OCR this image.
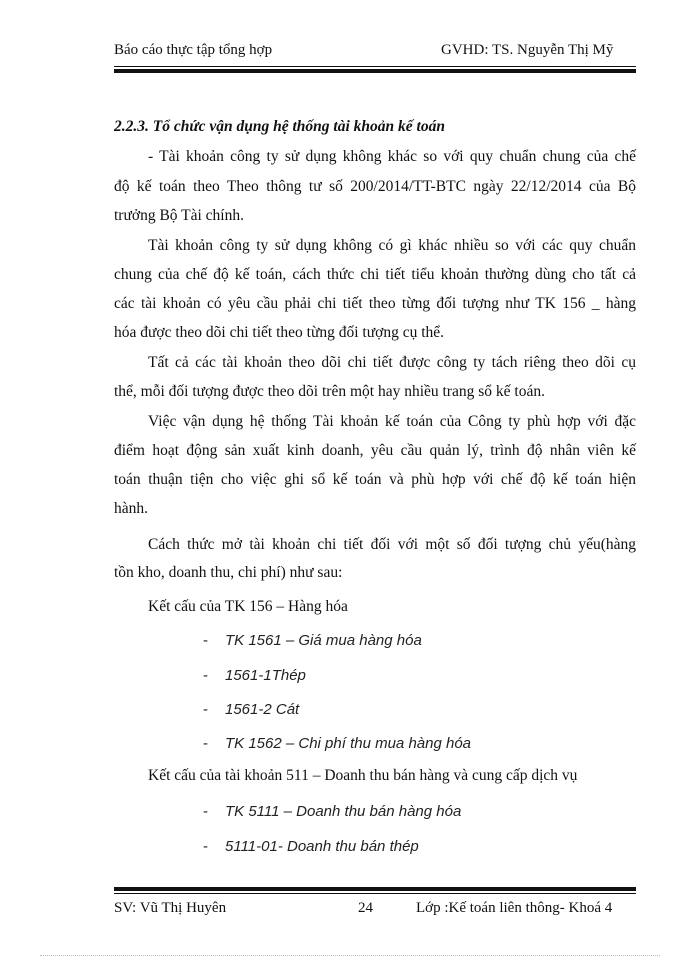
Báo cáo thực tập tổng hợp	GVHD: TS. Nguyễn Thị Mỹ
2.2.3. Tổ chức vận dụng hệ thống tài khoản kế toán
- Tài khoản công ty sử dụng không khác so với quy chuẩn chung của chế
độ kế toán theo Theo thông tư số 200/2014/TT-BTC ngày 22/12/2014 của Bộ
trưởng Bộ Tài chính.
Tài khoản công ty sử dụng không có gì khác nhiều so với các quy chuẩn
chung của chế độ kế toán, cách thức chi tiết tiểu khoản thường dùng cho tất cả
các tài khoản có yêu cầu phải chi tiết theo từng đối tượng như TK 156 _ hàng
hóa được theo dõi chi tiết theo từng đối tượng cụ thể.
Tất cả các tài khoản theo dõi chi tiết được công ty tách riêng theo dõi cụ
thể, mỗi đối tượng được theo dõi trên một hay nhiều trang sổ kế toán.
Việc vận dụng hệ thống Tài khoản kế toán của Công ty phù hợp với đặc
điểm hoạt động sản xuất kinh doanh, yêu cầu quản lý, trình độ nhân viên kế
toán thuận tiện cho việc ghi sổ kế toán và phù hợp với chế độ kế toán hiện
hành.
Cách thức mở tài khoản chi tiết đối với một số đối tượng chủ yếu(hàng
tồn kho, doanh thu, chi phí) như sau:
Kết cấu của TK 156 – Hàng hóa
- TK 1561 – Giá mua hàng hóa
- 1561-1Thép
- 1561-2 Cát
- TK 1562 – Chi phí thu mua hàng hóa
Kết cấu của tài khoản 511 – Doanh thu bán hàng và cung cấp dịch vụ
- TK 5111 – Doanh thu bán hàng hóa
- 5111-01- Doanh thu bán thép
SV: Vũ Thị Huyên	24	Lớp :Kế toán liên thông- Khoá 4
